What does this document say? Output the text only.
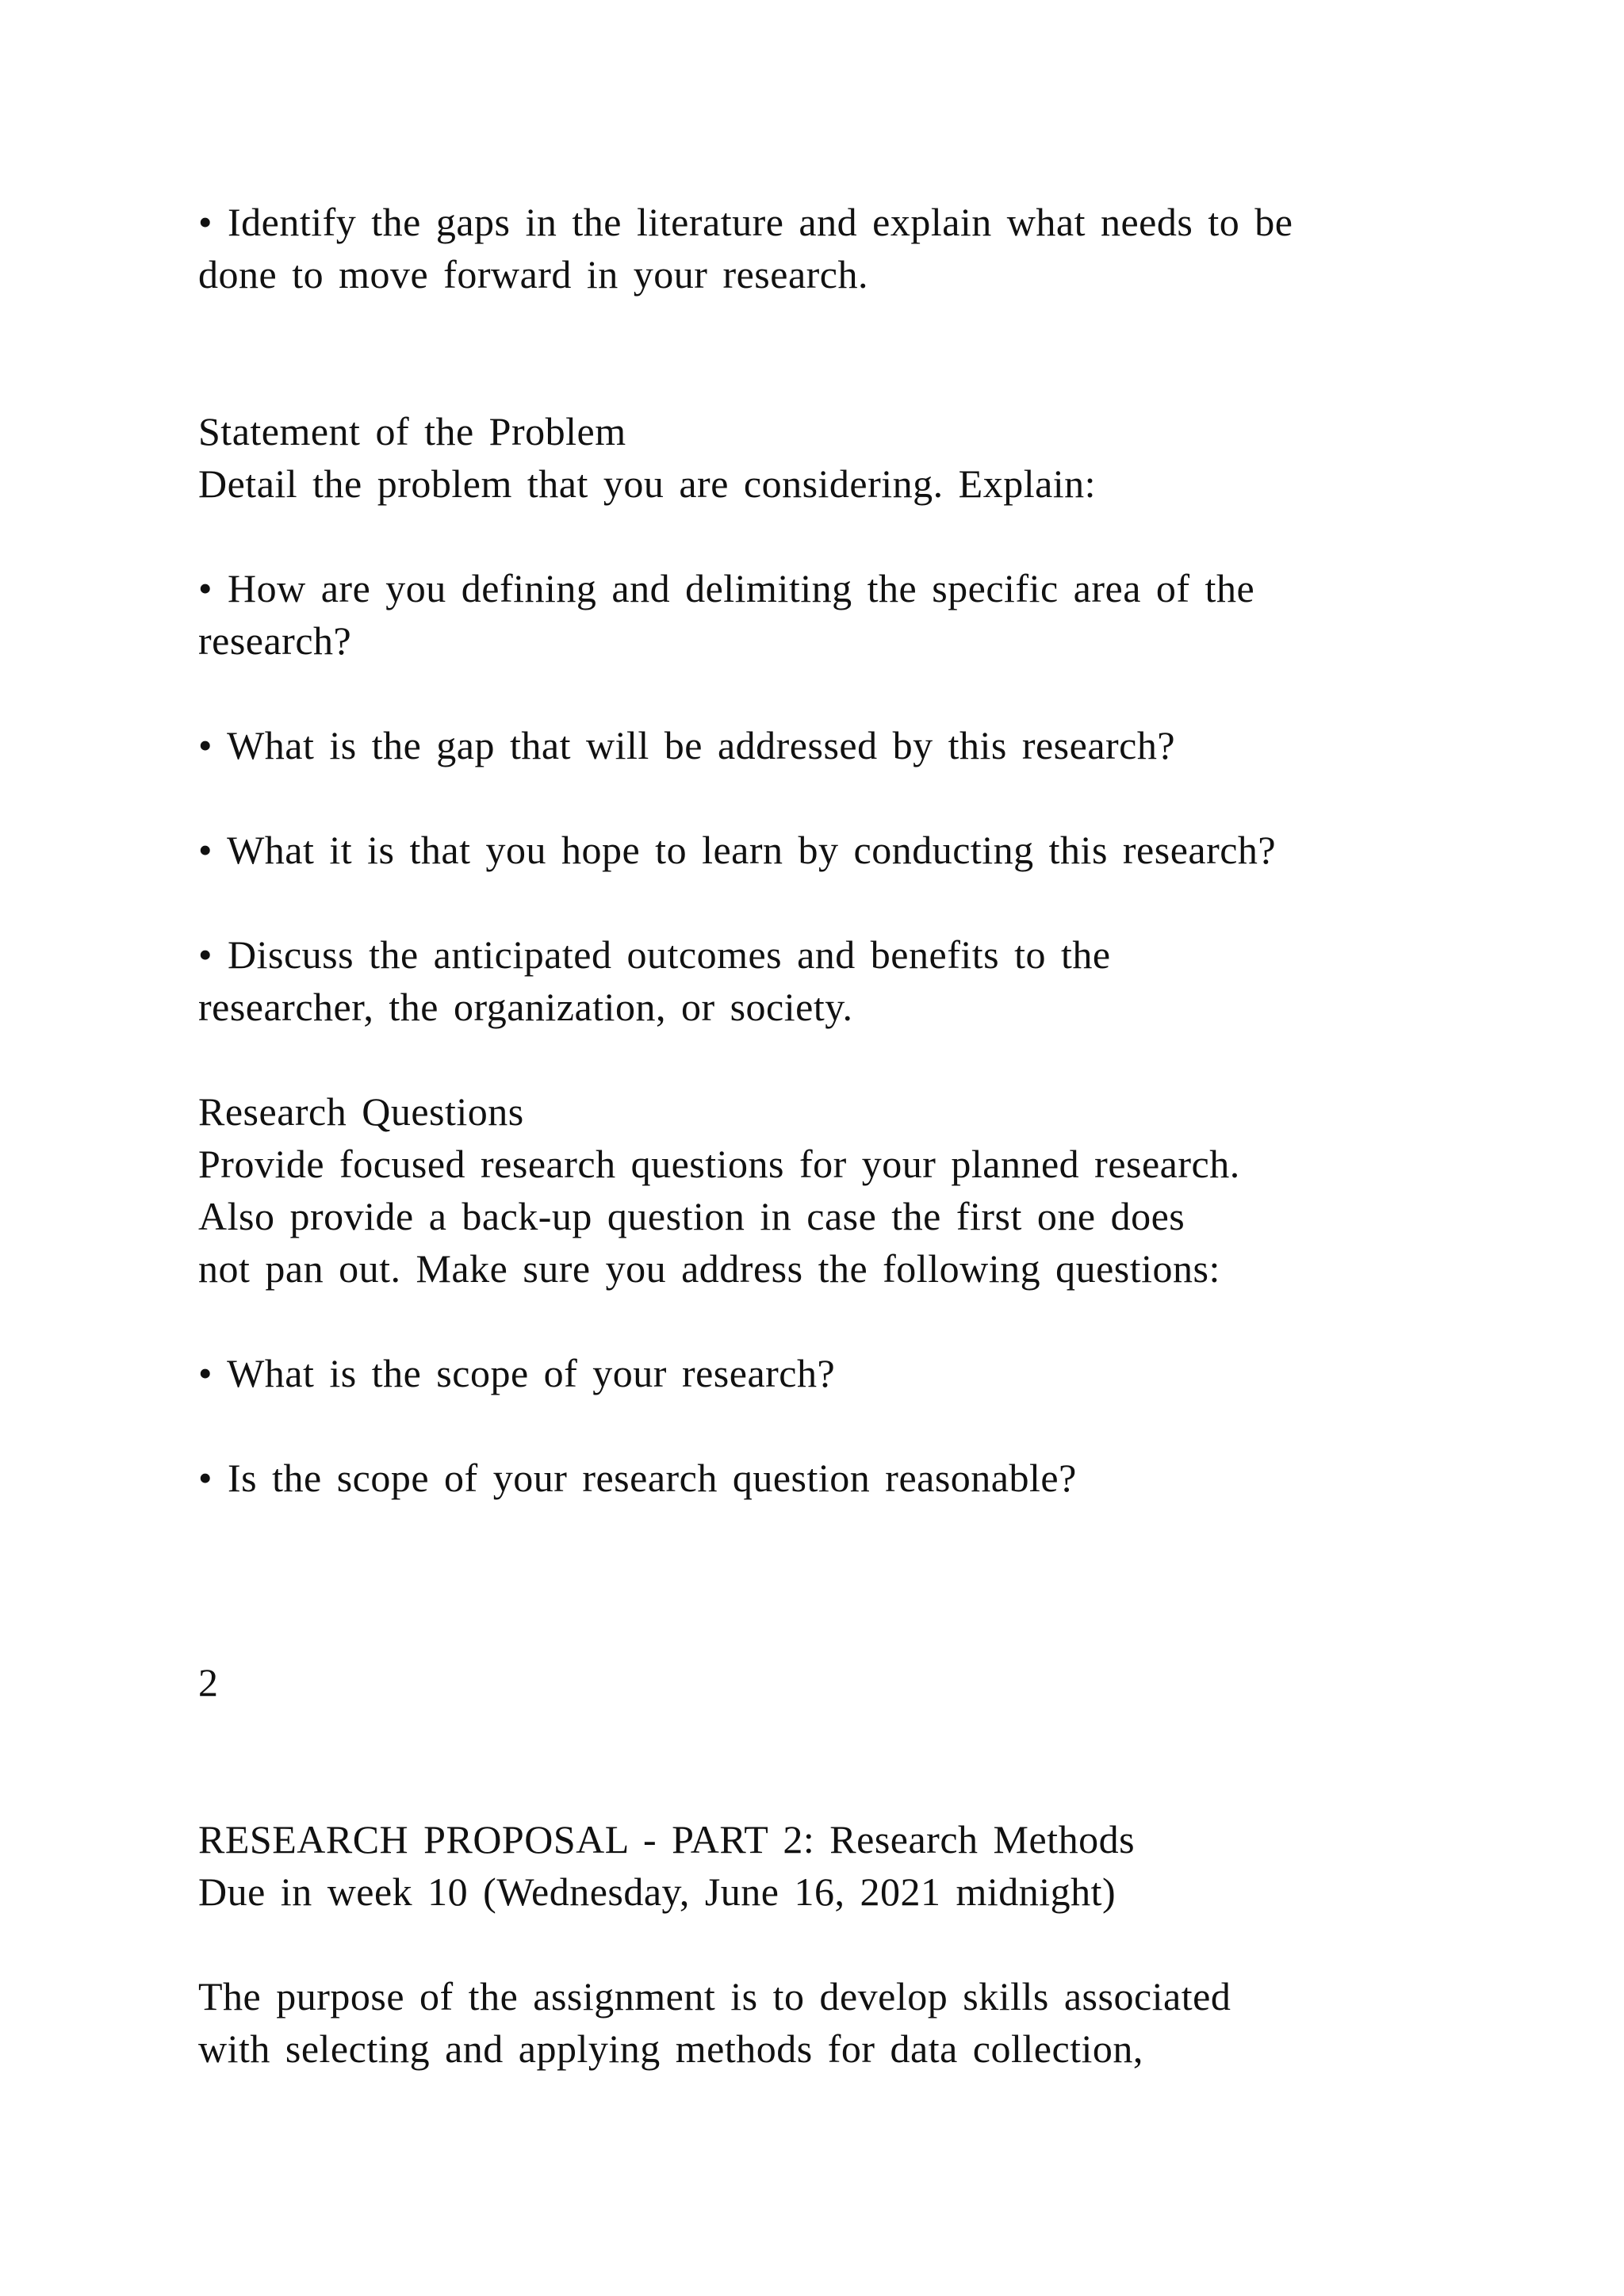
• Identify the gaps in the literature and explain what needs to be
done to move forward in your research.
Statement of the Problem
Detail the problem that you are considering. Explain:
• How are you defining and delimiting the specific area of the
research?
• What is the gap that will be addressed by this research?
• What it is that you hope to learn by conducting this research?
• Discuss the anticipated outcomes and benefits to the
researcher, the organization, or society.
Research Questions
Provide focused research questions for your planned research.
Also provide a back-up question in case the first one does
not pan out. Make sure you address the following questions:
• What is the scope of your research?
• Is the scope of your research question reasonable?
2
RESEARCH PROPOSAL - PART 2: Research Methods
Due in week 10 (Wednesday, June 16, 2021 midnight)
The purpose of the assignment is to develop skills associated
with selecting and applying methods for data collection,
